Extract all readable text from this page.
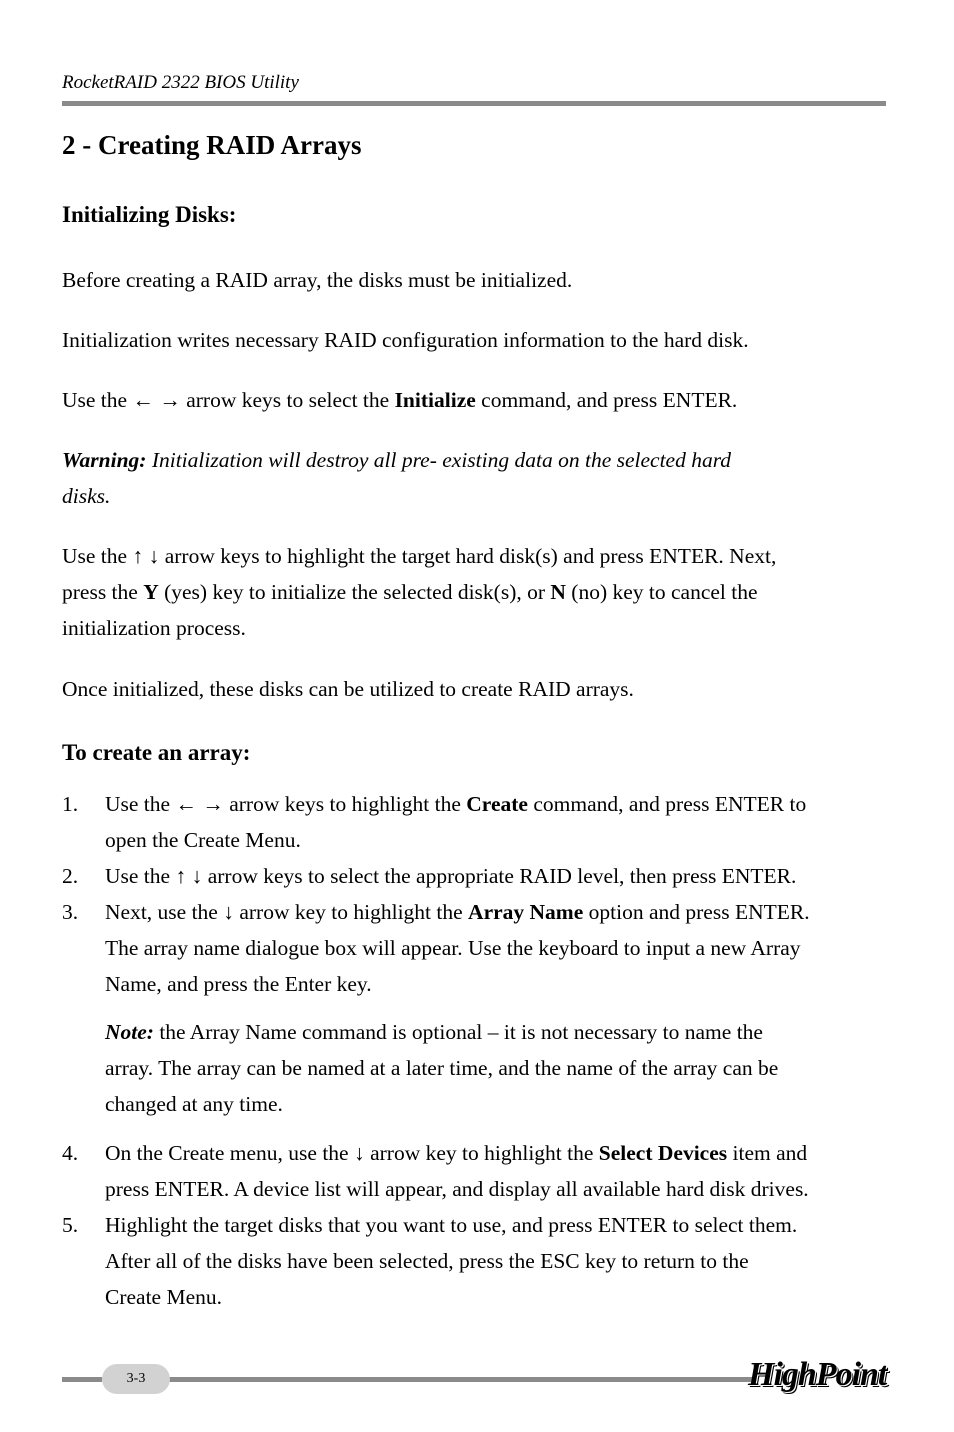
RocketRAID 2322 BIOS Utility
2 - Creating RAID Arrays
Initializing Disks:

Before creating a RAID array, the disks must be initialized.

Initialization writes necessary RAID configuration information to the hard disk.

Use the ← → arrow keys to select the Initialize command, and press ENTER.

Warning: Initialization will destroy all pre- existing data on the selected hard
disks.

Use the ↑ ↓ arrow keys to highlight the target hard disk(s) and press ENTER. Next,
press the Y (yes) key to initialize the selected disk(s), or N (no) key to cancel the
initialization process.

Once initialized, these disks can be utilized to create RAID arrays.

To create an array:
1. Use the ← → arrow keys to highlight the Create command, and press ENTER to
open the Create Menu.
2. Use the ↑ ↓ arrow keys to select the appropriate RAID level, then press ENTER.
3. Next, use the ↓ arrow key to highlight the Array Name option and press ENTER.
The array name dialogue box will appear. Use the keyboard to input a new Array
Name, and press the Enter key.
Note: the Array Name command is optional – it is not necessary to name the
array. The array can be named at a later time, and the name of the array can be
changed at any time.
4. On the Create menu, use the ↓ arrow key to highlight the Select Devices item and
press ENTER. A device list will appear, and display all available hard disk drives.
5. Highlight the target disks that you want to use, and press ENTER to select them.
After all of the disks have been selected, press the ESC key to return to the
Create Menu.
3-3	HighPoint
